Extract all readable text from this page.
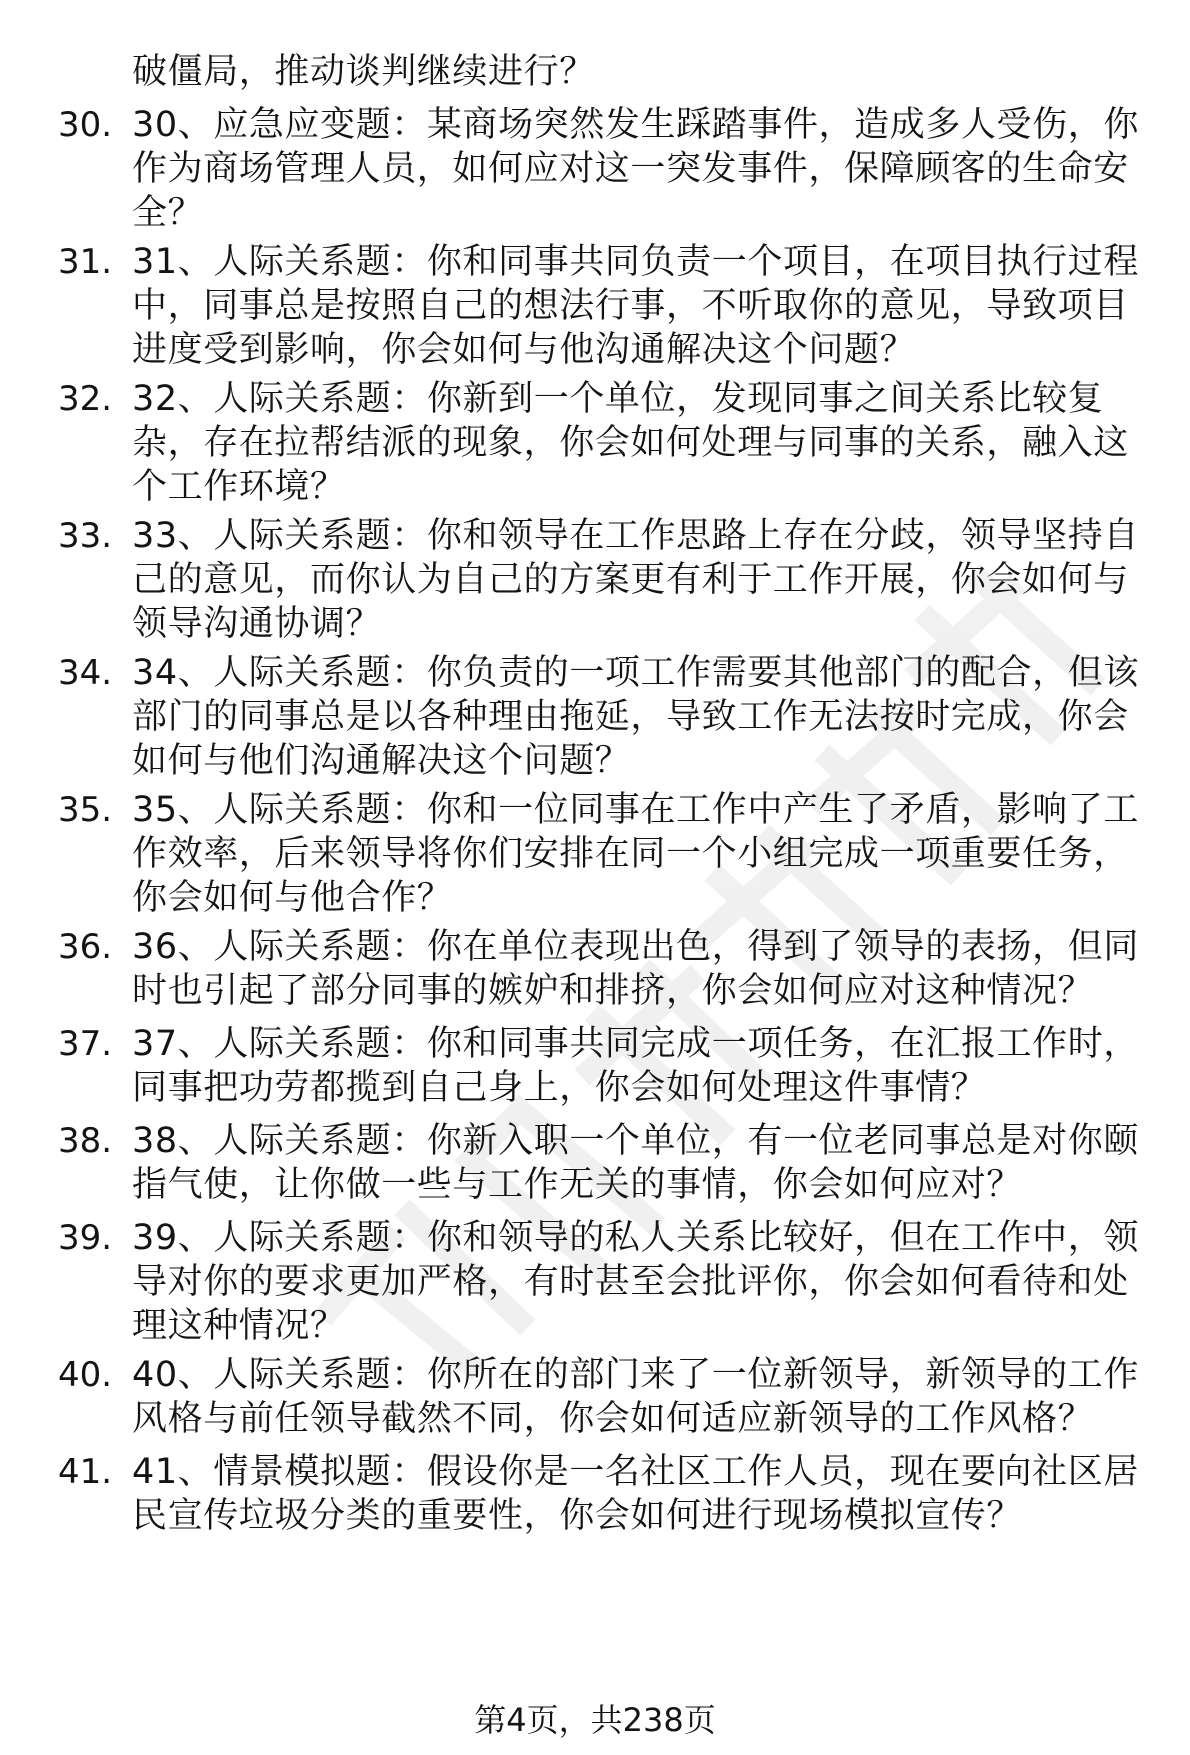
破僵局，推动谈判继续进行？
30. 30、应急应变题：某商场突然发生踩踏事件，造成多人受伤，你
作为商场管理人员，如何应对这一突发事件，保障顾客的生命安
全？
31. 31、人际关系题：你和同事共同负责一个项目，在项目执行过程
中，同事总是按照自己的想法行事，不听取你的意见，导致项目
进度受到影响，你会如何与他沟通解决这个问题？
32. 32、人际关系题：你新到一个单位，发现同事之间关系比较复
杂，存在拉帮结派的现象，你会如何处理与同事的关系，融入这
个工作环境？
33. 33、人际关系题：你和领导在工作思路上存在分歧，领导坚持自
己的意见，而你认为自己的方案更有利于工作开展，你会如何与
领导沟通协调？
34. 34、人际关系题：你负责的一项工作需要其他部门的配合，但该
部门的同事总是以各种理由拖延，导致工作无法按时完成，你会
如何与他们沟通解决这个问题？
35. 35、人际关系题：你和一位同事在工作中产生了矛盾，影响了工
作效率，后来领导将你们安排在同一个小组完成一项重要任务，
你会如何与他合作？
36. 36、人际关系题：你在单位表现出色，得到了领导的表扬，但同
时也引起了部分同事的嫉妒和排挤，你会如何应对这种情况？
37. 37、人际关系题：你和同事共同完成一项任务，在汇报工作时，
同事把功劳都揽到自己身上，你会如何处理这件事情？
38. 38、人际关系题：你新入职一个单位，有一位老同事总是对你颐
指气使，让你做一些与工作无关的事情，你会如何应对？
39. 39、人际关系题：你和领导的私人关系比较好，但在工作中，领
导对你的要求更加严格，有时甚至会批评你，你会如何看待和处
理这种情况？
40. 40、人际关系题：你所在的部门来了一位新领导，新领导的工作
风格与前任领导截然不同，你会如何适应新领导的工作风格？
41. 41、情景模拟题：假设你是一名社区工作人员，现在要向社区居
民宣传垃圾分类的重要性，你会如何进行现场模拟宣传？
第4页，共238页
